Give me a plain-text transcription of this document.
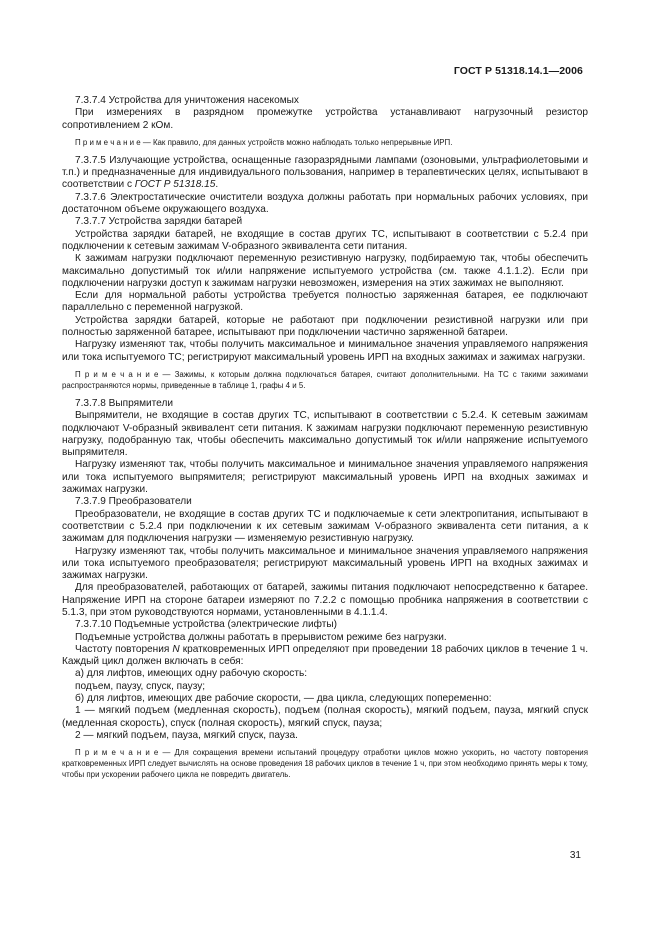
ГОСТ Р 51318.14.1—2006

7.3.7.4 Устройства для уничтожения насекомых

При измерениях в разрядном промежутке устройства устанавливают нагрузочный резистор сопротивлением 2 кОм.

П р и м е ч а н и е — Как правило, для данных устройств можно наблюдать только непрерывные ИРП.

7.3.7.5 Излучающие устройства, оснащенные газоразрядными лампами (озоновыми, ультрафиолетовыми и т.п.) и предназначенные для индивидуального пользования, например в терапевтических целях, испытывают в соответствии с ГОСТ Р 51318.15.

7.3.7.6 Электростатические очистители воздуха должны работать при нормальных рабочих условиях, при достаточном объеме окружающего воздуха.

7.3.7.7 Устройства зарядки батарей

Устройства зарядки батарей, не входящие в состав других ТС, испытывают в соответствии с 5.2.4 при подключении к сетевым зажимам V-образного эквивалента сети питания.

К зажимам нагрузки подключают переменную резистивную нагрузку, подбираемую так, чтобы обеспечить максимально допустимый ток и/или напряжение испытуемого устройства (см. также 4.1.1.2). Если при подключении нагрузки доступ к зажимам нагрузки невозможен, измерения на этих зажимах не выполняют.

Если для нормальной работы устройства требуется полностью заряженная батарея, ее подключают параллельно с переменной нагрузкой.

Устройства зарядки батарей, которые не работают при подключении резистивной нагрузки или при полностью заряженной батарее, испытывают при подключении частично заряженной батареи.

Нагрузку изменяют так, чтобы получить максимальное и минимальное значения управляемого напряжения или тока испытуемого ТС; регистрируют максимальный уровень ИРП на входных зажимах и зажимах нагрузки.

П р и м е ч а н и е — Зажимы, к которым должна подключаться батарея, считают дополнительными. На ТС с такими зажимами распространяются нормы, приведенные в таблице 1, графы 4 и 5.

7.3.7.8 Выпрямители

Выпрямители, не входящие в состав других ТС, испытывают в соответствии с 5.2.4. К сетевым зажимам подключают V-образный эквивалент сети питания. К зажимам нагрузки подключают переменную резистивную нагрузку, подобранную так, чтобы обеспечить максимально допустимый ток и/или напряжение испытуемого выпрямителя.

Нагрузку изменяют так, чтобы получить максимальное и минимальное значения управляемого напряжения или тока испытуемого выпрямителя; регистрируют максимальный уровень ИРП на входных зажимах и зажимах нагрузки.

7.3.7.9 Преобразователи

Преобразователи, не входящие в состав других ТС и подключаемые к сети электропитания, испытывают в соответствии с 5.2.4 при подключении к их сетевым зажимам V-образного эквивалента сети питания, а к зажимам для подключения нагрузки — изменяемую резистивную нагрузку.

Нагрузку изменяют так, чтобы получить максимальное и минимальное значения управляемого напряжения или тока испытуемого преобразователя; регистрируют максимальный уровень ИРП на входных зажимах и зажимах нагрузки.

Для преобразователей, работающих от батарей, зажимы питания подключают непосредственно к батарее. Напряжение ИРП на стороне батареи измеряют по 7.2.2 с помощью пробника напряжения в соответствии с 5.1.3, при этом руководствуются нормами, установленными в 4.1.1.4.

7.3.7.10 Подъемные устройства (электрические лифты)

Подъемные устройства должны работать в прерывистом режиме без нагрузки.

Частоту повторения N кратковременных ИРП определяют при проведении 18 рабочих циклов в течение 1 ч. Каждый цикл должен включать в себя:

а) для лифтов, имеющих одну рабочую скорость:

подъем, паузу, спуск, паузу;

б) для лифтов, имеющих две рабочие скорости, — два цикла, следующих попеременно:

1 — мягкий подъем (медленная скорость), подъем (полная скорость), мягкий подъем, пауза, мягкий спуск (медленная скорость), спуск (полная скорость), мягкий спуск, пауза;

2 — мягкий подъем, пауза, мягкий спуск, пауза.

П р и м е ч а н и е — Для сокращения времени испытаний процедуру отработки циклов можно ускорить, но частоту повторения кратковременных ИРП следует вычислять на основе проведения 18 рабочих циклов в течение 1 ч, при этом необходимо принять меры к тому, чтобы при ускорении рабочего цикла не повредить двигатель.

31
